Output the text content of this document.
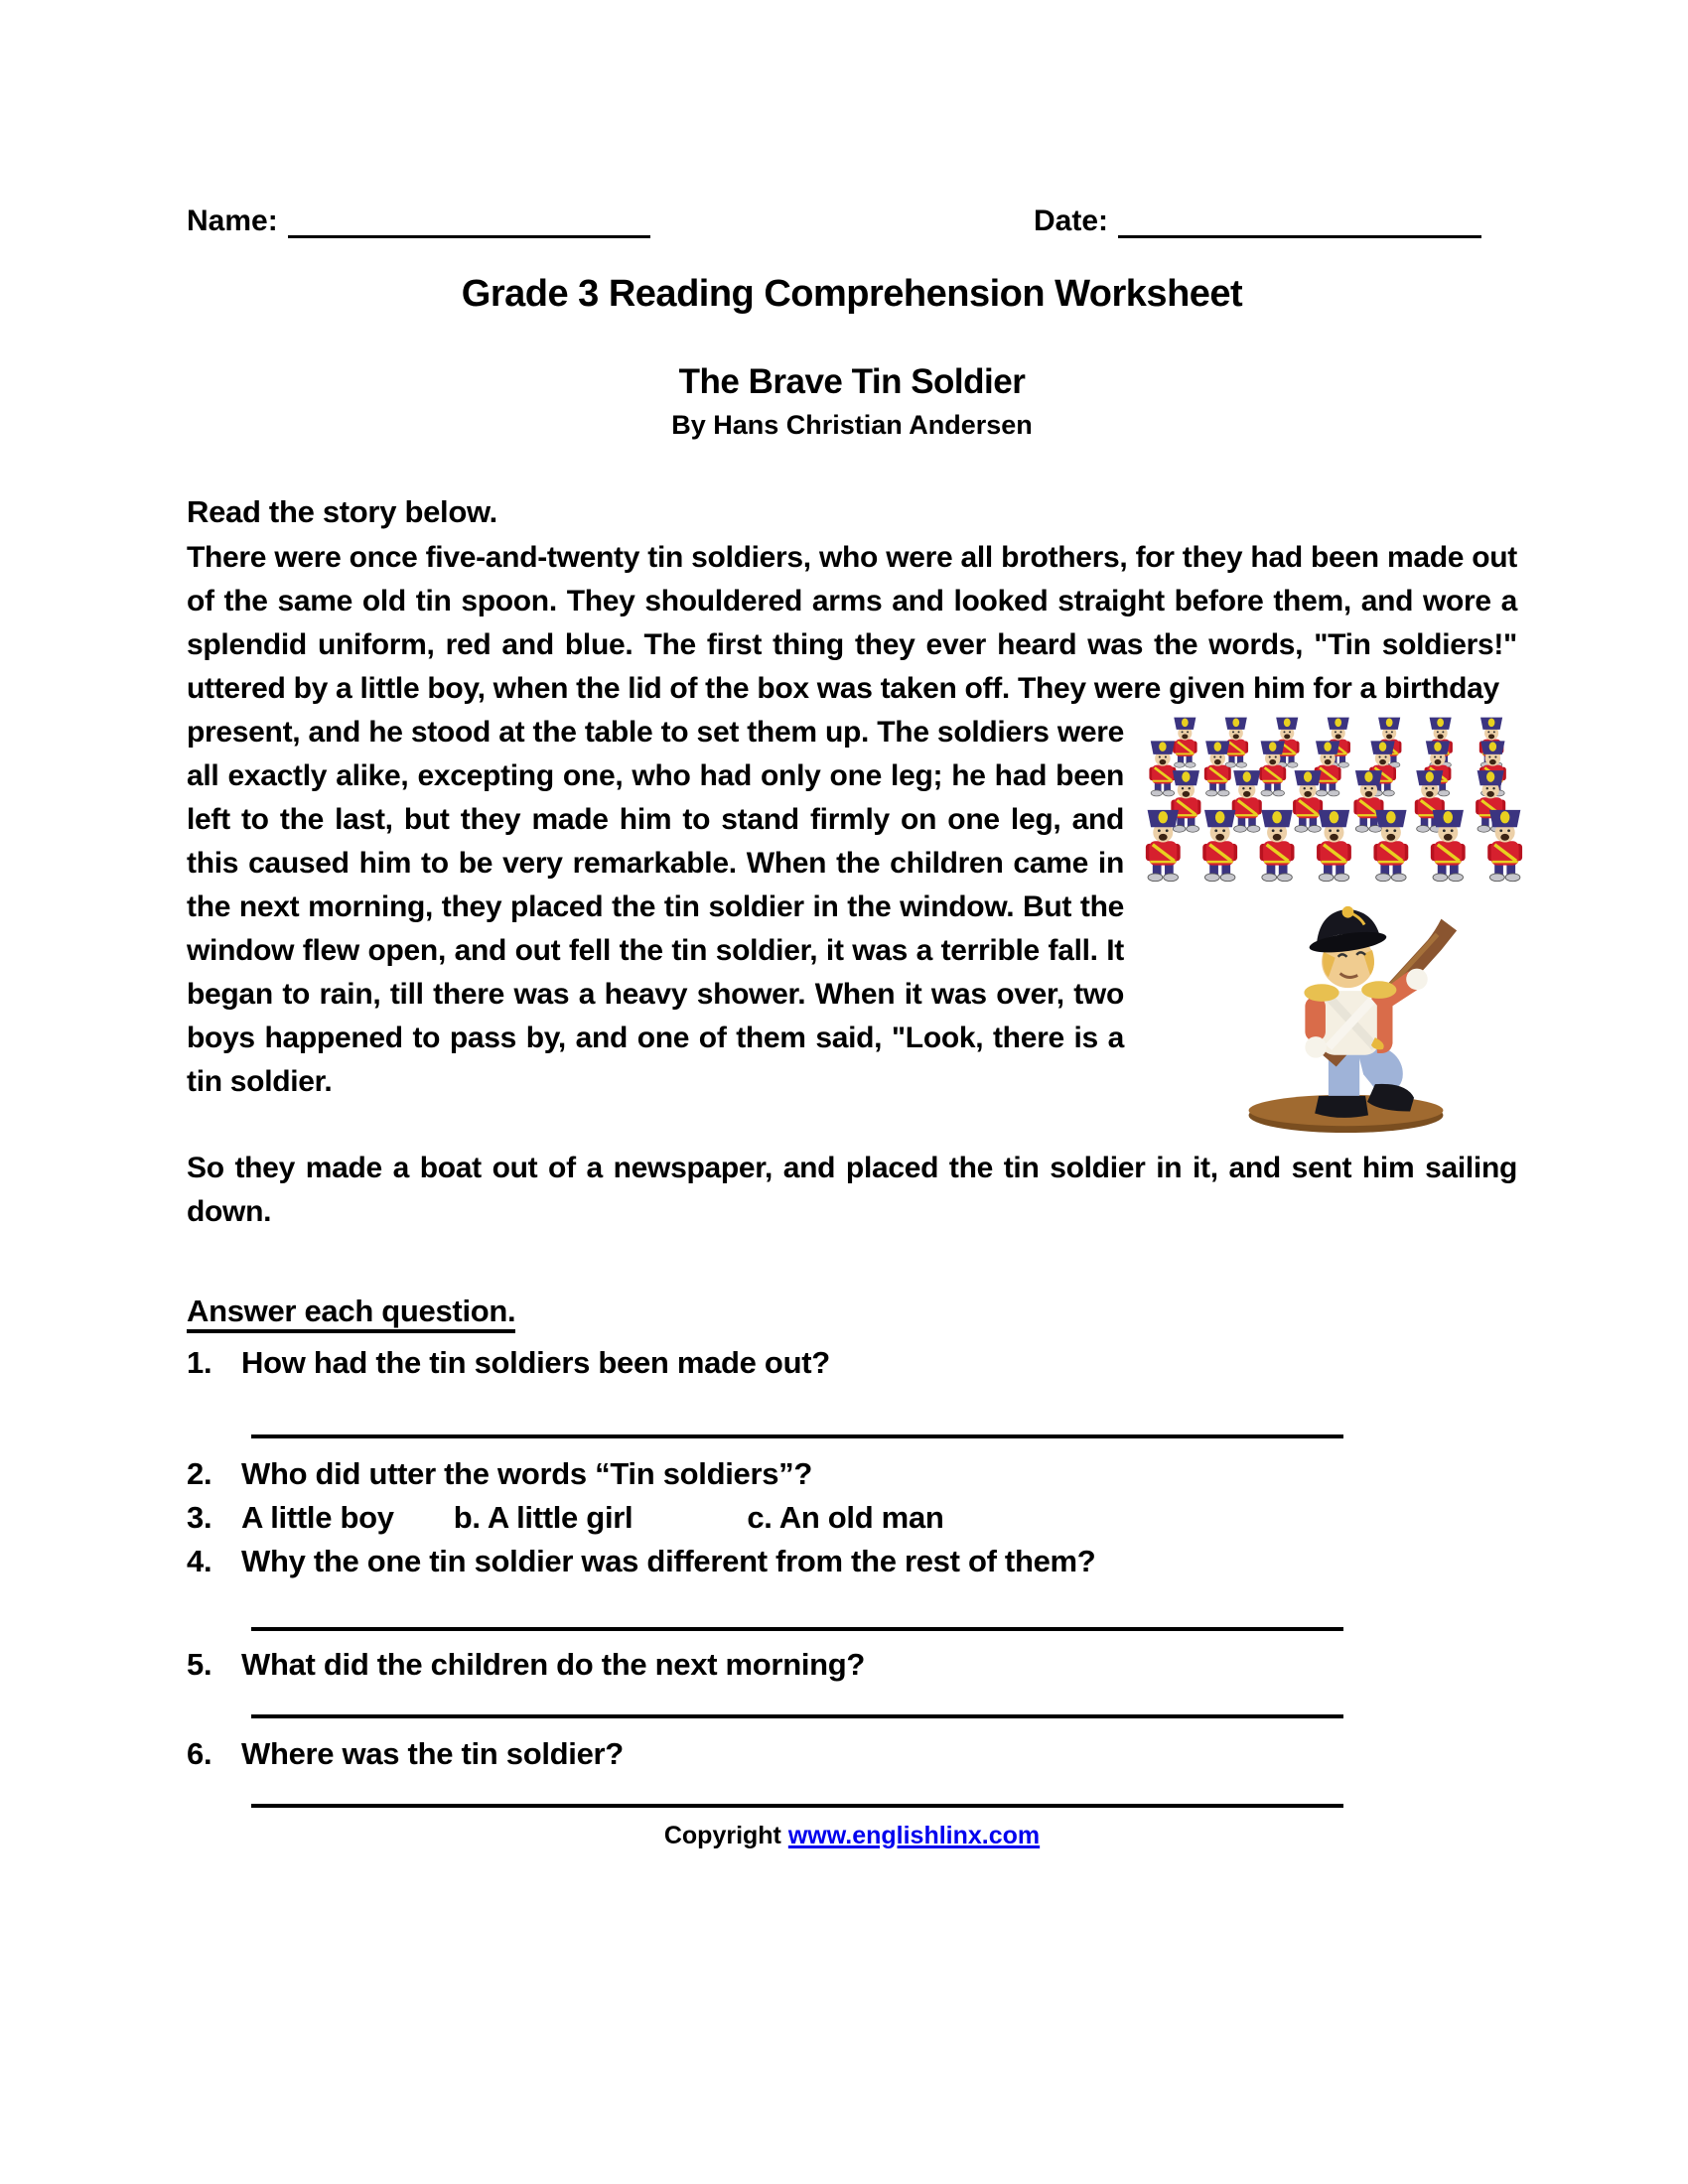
Name:	Date:
Grade 3 Reading Comprehension Worksheet
The Brave Tin Soldier
By Hans Christian Andersen
Read the story below.
There were once five-and-twenty tin soldiers, who were all brothers, for they had been made out of the same old tin spoon. They shouldered arms and looked straight before them, and wore a splendid uniform, red and blue. The first thing they ever heard was the words, "Tin soldiers!" uttered by a little boy, when the lid of the box was taken off. They were given him for a birthday
present, and he stood at the table to set them up. The soldiers were all exactly alike, excepting one, who had only one leg; he had been left to the last, but they made him to stand firmly on one leg, and this caused him to be very remarkable. When the children came in the next morning, they placed the tin soldier in the window. But the window flew open, and out fell the tin soldier, it was a terrible fall. It began to rain, till there was a heavy shower. When it was over, two boys happened to pass by, and one of them said, "Look, there is a tin soldier.
So they made a boat out of a newspaper, and placed the tin soldier in it, and sent him sailing down.
Answer each question.
1. How had the tin soldiers been made out?
2. Who did utter the words “Tin soldiers”?
3. A little boy b. A little girl	c. An old man
4. Why the one tin soldier was different from the rest of them?
5. What did the children do the next morning?
6. Where was the tin soldier?
Copyright www.englishlinx.com
